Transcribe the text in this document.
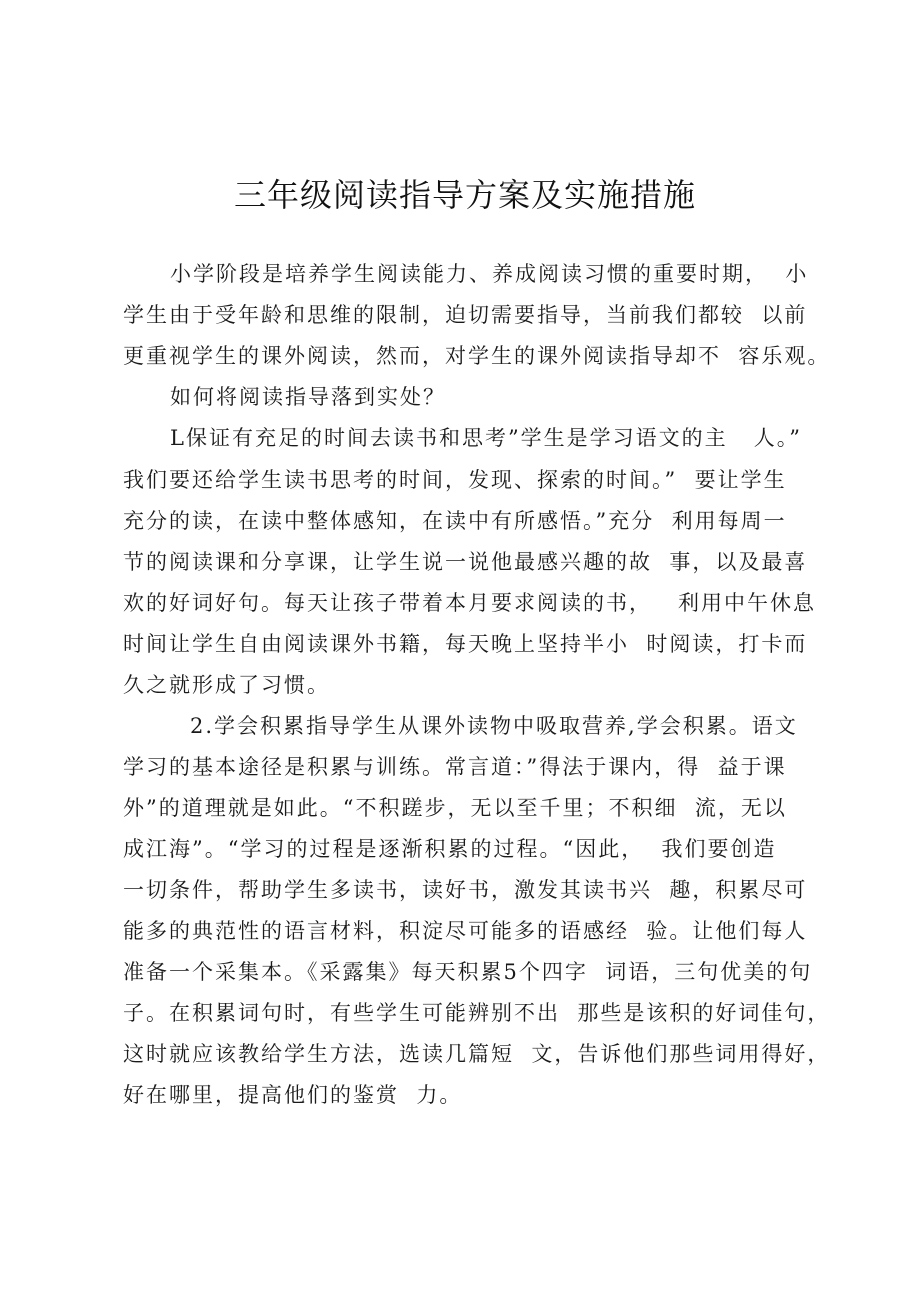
三年级阅读指导方案及实施措施
小学阶段是培养学生阅读能力、养成阅读习惯的重要时期，  小
学生由于受年龄和思维的限制，迫切需要指导，当前我们都较  以前
更重视学生的课外阅读，然而，对学生的课外阅读指导却不  容乐观。
如何将阅读指导落到实处？
L保证有充足的时间去读书和思考”学生是学习语文的主   人。”
我们要还给学生读书思考的时间，发现、探索的时间。”  要让学生
充分的读，在读中整体感知，在读中有所感悟。”充分  利用每周一
节的阅读课和分享课，让学生说一说他最感兴趣的故  事，以及最喜
欢的好词好句。每天让孩子带着本月要求阅读的书，   利用中午休息
时间让学生自由阅读课外书籍，每天晚上坚持半小  时阅读，打卡而
久之就形成了习惯。
2.学会积累指导学生从课外读物中吸取营养,学会积累。语文
学习的基本途径是积累与训练。常言道：”得法于课内，得  益于课
外”的道理就是如此。“不积蹉步，无以至千里；不积细  流，无以
成江海”。“学习的过程是逐渐积累的过程。“因此，  我们要创造
一切条件，帮助学生多读书，读好书，激发其读书兴  趣，积累尽可
能多的典范性的语言材料，积淀尽可能多的语感经  验。让他们每人
准备一个采集本。《采露集》每天积累5个四字  词语，三句优美的句
子。在积累词句时，有些学生可能辨别不出  那些是该积的好词佳句，
这时就应该教给学生方法，选读几篇短  文，告诉他们那些词用得好，
好在哪里，提高他们的鉴赏  力。
